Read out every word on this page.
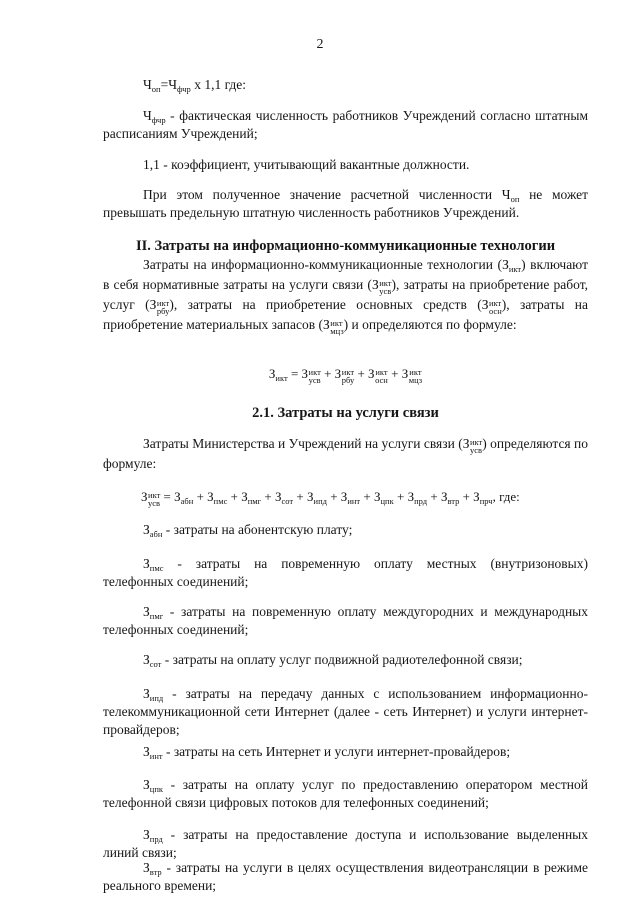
2

$Ч_{оп}=Ч_{фчр}$ х 1,1 где:

$Ч_{фчр}$ - фактическая численность работников Учреждений согласно штатным расписаниям Учреждений;

1,1 - коэффициент, учитывающий вакантные должности.

При этом полученное значение расчетной численности $Ч_{оп}$ не может превышать предельную штатную численность работников Учреждений.

II. Затраты на информационно-коммуникационные технологии

Затраты на информационно-коммуникационные технологии $(З_{икт})$ включают в себя нормативные затраты на услуги связи (З икт
усв ), затраты на приобретение работ, услуг (З икт
рбу ), затраты на приобретение основных средств (З икт
осн ), затраты на приобретение материальных запасов (З икт
мцз ) и определяются по формуле:

$З_{икт} = З$ икт
усв + З икт
рбу + З икт
осн + З икт
мцз

2.1. Затраты на услуги связи

Затраты Министерства и Учреждений на услуги связи (З икт
усв ) определяются по формуле:

З икт
усв = $З_{абн} + З_{пмс} + З_{пмг} + З_{сот} + З_{ипд} + З_{инт} + З_{цпк} + З_{прд} + З_{втр} + З_{прч}$, где:

$З_{абн}$ - затраты на абонентскую плату;

$З_{пмс}$ - затраты на повременную оплату местных (внутризоновых) телефонных соединений;

$З_{пмг}$ - затраты на повременную оплату междугородних и международных телефонных соединений;

$З_{сот}$ - затраты на оплату услуг подвижной радиотелефонной связи;

$З_{ипд}$ - затраты на передачу данных с использованием информационно-телекоммуникационной сети Интернет (далее - сеть Интернет) и услуги интернет-провайдеров;

$З_{инт}$ - затраты на сеть Интернет и услуги интернет-провайдеров;

$З_{цпк}$ - затраты на оплату услуг по предоставлению оператором местной телефонной связи цифровых потоков для телефонных соединений;

$З_{прд}$ - затраты на предоставление доступа и использование выделенных линий связи;

$З_{втр}$ - затраты на услуги в целях осуществления видеотрансляции в режиме реального времени;
